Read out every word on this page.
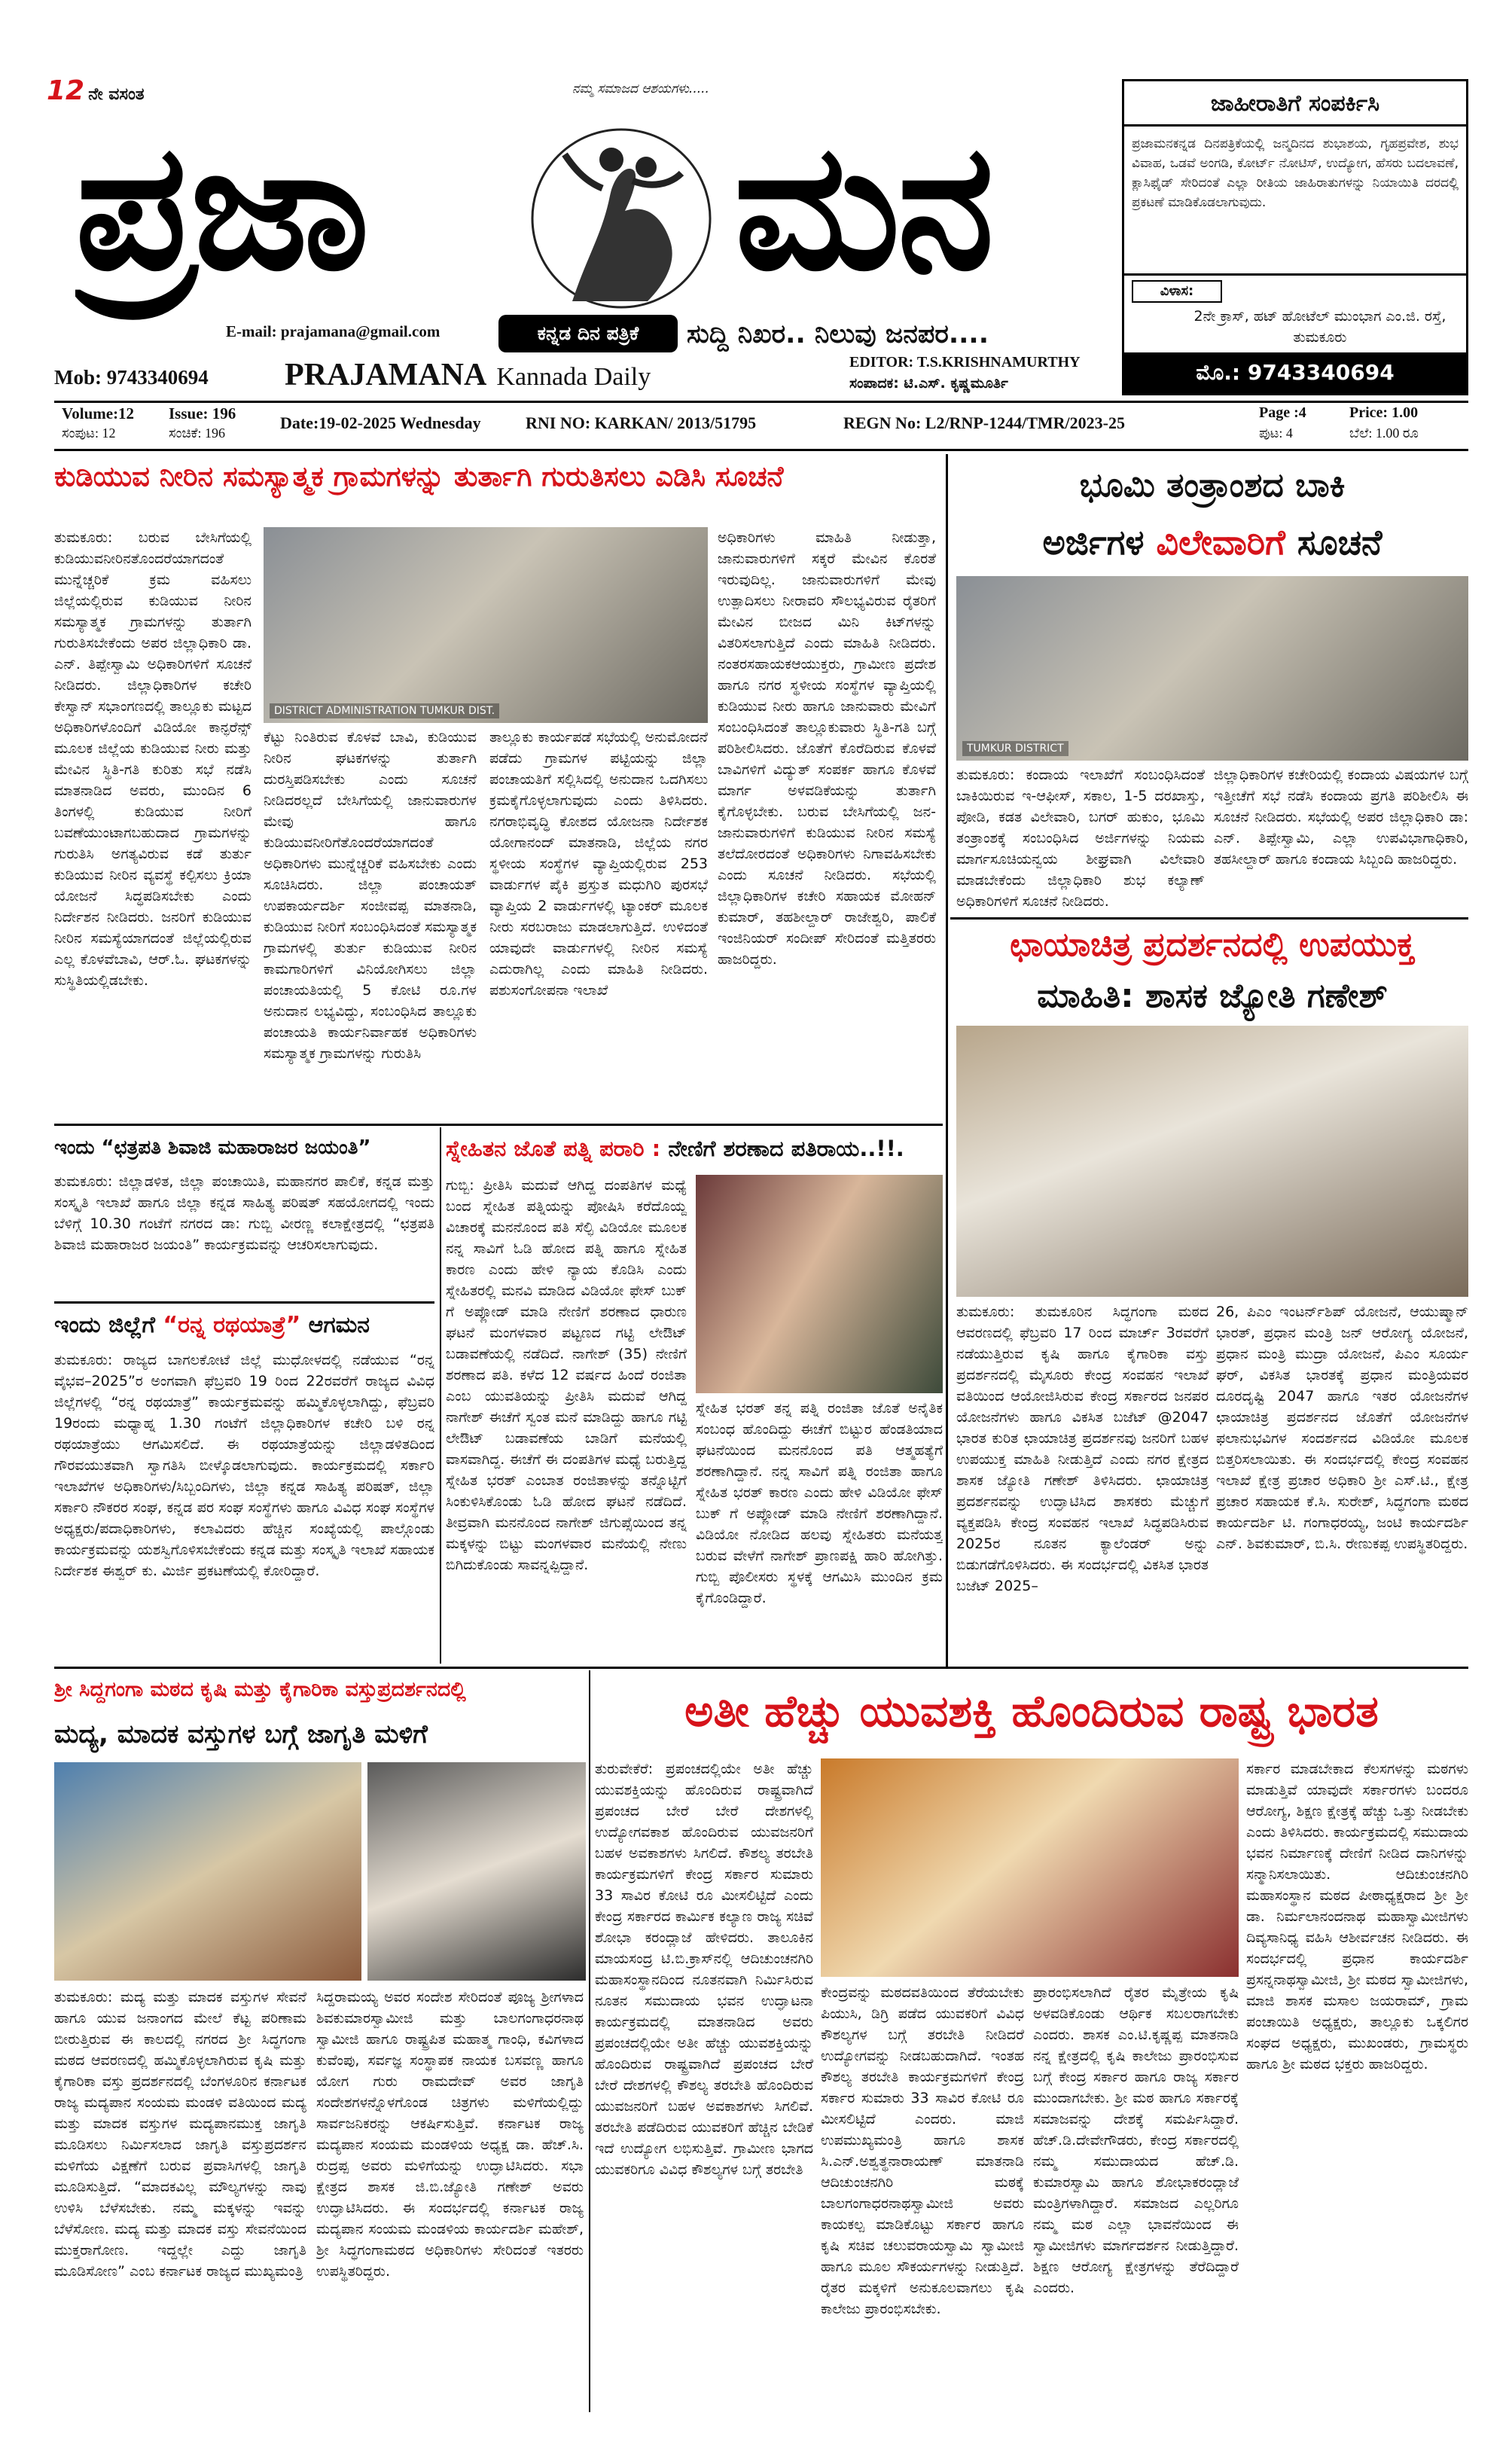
12 ನೇ ವಸಂತ
ಪ್ರಜಾ
ನಮ್ಮ ಸಮಾಜದ ಆಶಯಗಳು.....
ಮನ
E-mail: prajamana@gmail.com	ಕನ್ನಡ ದಿನ ಪತ್ರಿಕೆ	ಸುದ್ದಿ ನಿಖರ.. ನಿಲುವು ಜನಪರ....
Mob: 9743340694	PRAJAMANA Kannada Daily
EDITOR: T.S.KRISHNAMURTHY
ಸಂಪಾದಕ: ಟಿ.ಎಸ್. ಕೃಷ್ಣಮೂರ್ತಿ
ಜಾಹೀರಾತಿಗೆ ಸಂಪರ್ಕಿಸಿ
ಪ್ರಜಾಮನಕನ್ನಡ ದಿನಪತ್ರಿಕೆಯಲ್ಲಿ ಜನ್ಮದಿನದ ಶುಭಾಶಯ, ಗೃಹಪ್ರವೇಶ, ಶುಭ ವಿವಾಹ, ಒಡವೆ ಅಂಗಡಿ, ಕೋರ್ಟ್ ನೋಟಿಸ್, ಉದ್ಯೋಗ, ಹೆಸರು ಬದಲಾವಣೆ, ಕ್ಲಾಸಿಫೈಡ್ ಸೇರಿದಂತೆ ಎಲ್ಲಾ ರೀತಿಯ ಜಾಹಿರಾತುಗಳನ್ನು ನಿಯಾಯಿತಿ ದರದಲ್ಲಿ ಪ್ರಕಟಣೆ ಮಾಡಿಕೊಡಲಾಗುವುದು.
ವಿಳಾಸ:
2ನೇ ಕ್ರಾಸ್, ಹಟ್ ಹೋಟೆಲ್ ಮುಂಭಾಗ ಎಂ.ಜಿ. ರಸ್ತೆ, ತುಮಕೂರು
ಮೊ.: 9743340694
Volume:12	Issue: 196
ಸಂಪುಟ: 12	ಸಂಚಿಕೆ: 196
Date:19-02-2025 Wednesday	RNI NO: KARKAN/ 2013/51795	REGN No: L2/RNP-1244/TMR/2023-25
Page :4
ಪುಟ: 4
Price: 1.00
ಬೆಲೆ: 1.00 ರೂ
ಕುಡಿಯುವ ನೀರಿನ ಸಮಸ್ಯಾತ್ಮಕ ಗ್ರಾಮಗಳನ್ನು ತುರ್ತಾಗಿ ಗುರುತಿಸಲು ಎಡಿಸಿ ಸೂಚನೆ
ತುಮಕೂರು: ಬರುವ ಬೇಸಿಗೆಯಲ್ಲಿ ಕುಡಿಯುವನೀರಿನತೊಂದರೆಯಾಗದಂತೆ ಮುನ್ನೆಚ್ಚರಿಕೆ ಕ್ರಮ ವಹಿಸಲು ಜಿಲ್ಲೆಯಲ್ಲಿರುವ ಕುಡಿಯುವ ನೀರಿನ ಸಮಸ್ಯಾತ್ಮಕ ಗ್ರಾಮಗಳನ್ನು ತುರ್ತಾಗಿ ಗುರುತಿಸಬೇಕೆಂದು ಅಪರ ಜಿಲ್ಲಾಧಿಕಾರಿ ಡಾ. ಎನ್. ತಿಪ್ಪೇಸ್ವಾಮಿ ಅಧಿಕಾರಿಗಳಿಗೆ ಸೂಚನೆ ನೀಡಿದರು. ಜಿಲ್ಲಾಧಿಕಾರಿಗಳ ಕಚೇರಿ ಕೇಸ್ವಾನ್ ಸಭಾಂಗಣದಲ್ಲಿ ತಾಲ್ಲೂಕು ಮಟ್ಟದ ಅಧಿಕಾರಿಗಳೊಂದಿಗೆ ವಿಡಿಯೋ ಕಾನ್ಫರೆನ್ಸ್ ಮೂಲಕ ಜಿಲ್ಲೆಯ ಕುಡಿಯುವ ನೀರು ಮತ್ತು ಮೇವಿನ ಸ್ಥಿತಿ-ಗತಿ ಕುರಿತು ಸಭೆ ನಡೆಸಿ ಮಾತನಾಡಿದ ಅವರು, ಮುಂದಿನ 6 ತಿಂಗಳಲ್ಲಿ ಕುಡಿಯುವ ನೀರಿಗೆ ಬವಣೆಯುಂಟಾಗಬಹುದಾದ ಗ್ರಾಮಗಳನ್ನು ಗುರುತಿಸಿ ಅಗತ್ಯವಿರುವ ಕಡೆ ತುರ್ತು ಕುಡಿಯುವ ನೀರಿನ ವ್ಯವಸ್ಥೆ ಕಲ್ಪಿಸಲು ಕ್ರಿಯಾ ಯೋಜನೆ ಸಿದ್ಧಪಡಿಸಬೇಕು ಎಂದು ನಿರ್ದೇಶನ ನೀಡಿದರು. ಜನರಿಗೆ ಕುಡಿಯುವ ನೀರಿನ ಸಮಸ್ಯೆಯಾಗದಂತೆ ಜಿಲ್ಲೆಯಲ್ಲಿರುವ ಎಲ್ಲ ಕೊಳವೆಬಾವಿ, ಆರ್.ಓ. ಘಟಕಗಳನ್ನು ಸುಸ್ಥಿತಿಯಲ್ಲಿಡಬೇಕು.
DISTRICT ADMINISTRATION TUMKUR DIST.
ಕೆಟ್ಟು ನಿಂತಿರುವ ಕೊಳವೆ ಬಾವಿ, ಕುಡಿಯುವ ನೀರಿನ ಘಟಕಗಳನ್ನು ತುರ್ತಾಗಿ ದುರಸ್ತಿಪಡಿಸಬೇಕು ಎಂದು ಸೂಚನೆ ನೀಡಿದರಲ್ಲದೆ ಬೇಸಿಗೆಯಲ್ಲಿ ಜಾನುವಾರುಗಳ ಮೇವು ಹಾಗೂ ಕುಡಿಯುವನೀರಿಗೆತೊಂದರೆಯಾಗದಂತೆ ಅಧಿಕಾರಿಗಳು ಮುನ್ನೆಚ್ಚರಿಕೆ ವಹಿಸಬೇಕು ಎಂದು ಸೂಚಿಸಿದರು. ಜಿಲ್ಲಾ ಪಂಚಾಯತ್ ಉಪಕಾರ್ಯದರ್ಶಿ ಸಂಜೀವಪ್ಪ ಮಾತನಾಡಿ, ಕುಡಿಯುವ ನೀರಿಗೆ ಸಂಬಂಧಿಸಿದಂತೆ ಸಮಸ್ಯಾತ್ಮಕ ಗ್ರಾಮಗಳಲ್ಲಿ ತುರ್ತು ಕುಡಿಯುವ ನೀರಿನ ಕಾಮಗಾರಿಗಳಿಗೆ ವಿನಿಯೋಗಿಸಲು ಜಿಲ್ಲಾ ಪಂಚಾಯತಿಯಲ್ಲಿ 5 ಕೋಟಿ ರೂ.ಗಳ ಅನುದಾನ ಲಭ್ಯವಿದ್ದು, ಸಂಬಂಧಿಸಿದ ತಾಲ್ಲೂಕು ಪಂಚಾಯತಿ ಕಾರ್ಯನಿರ್ವಾಹಕ ಅಧಿಕಾರಿಗಳು ಸಮಸ್ಯಾತ್ಮಕ ಗ್ರಾಮಗಳನ್ನು ಗುರುತಿಸಿ
ತಾಲ್ಲೂಕು ಕಾರ್ಯಪಡೆ ಸಭೆಯಲ್ಲಿ ಅನುಮೋದನೆ ಪಡೆದು ಗ್ರಾಮಗಳ ಪಟ್ಟಿಯನ್ನು ಜಿಲ್ಲಾ ಪಂಚಾಯತಿಗೆ ಸಲ್ಲಿಸಿದಲ್ಲಿ ಅನುದಾನ ಒದಗಿಸಲು ಕ್ರಮಕೈಗೊಳ್ಳಲಾಗುವುದು ಎಂದು ತಿಳಿಸಿದರು. ನಗರಾಭಿವೃದ್ಧಿ ಕೋಶದ ಯೋಜನಾ ನಿರ್ದೇಶಕ ಯೋಗಾನಂದ್ ಮಾತನಾಡಿ, ಜಿಲ್ಲೆಯ ನಗರ ಸ್ಥಳೀಯ ಸಂಸ್ಥೆಗಳ ವ್ಯಾಪ್ತಿಯಲ್ಲಿರುವ 253 ವಾರ್ಡುಗಳ ಪೈಕಿ ಪ್ರಸ್ತುತ ಮಧುಗಿರಿ ಪುರಸಭೆ ವ್ಯಾಪ್ತಿಯ 2 ವಾರ್ಡುಗಳಲ್ಲಿ ಟ್ಯಾಂಕರ್ ಮೂಲಕ ನೀರು ಸರಬರಾಜು ಮಾಡಲಾಗುತ್ತಿದೆ. ಉಳಿದಂತೆ ಯಾವುದೇ ವಾರ್ಡುಗಳಲ್ಲಿ ನೀರಿನ ಸಮಸ್ಯೆ ಎದುರಾಗಿಲ್ಲ ಎಂದು ಮಾಹಿತಿ ನೀಡಿದರು. ಪಶುಸಂಗೋಪನಾ ಇಲಾಖೆ
ಅಧಿಕಾರಿಗಳು ಮಾಹಿತಿ ನೀಡುತ್ತಾ, ಜಾನುವಾರುಗಳಿಗೆ ಸಕ್ಕರೆ ಮೇವಿನ ಕೊರತೆ ಇರುವುದಿಲ್ಲ. ಜಾನುವಾರುಗಳಿಗೆ ಮೇವು ಉತ್ಪಾದಿಸಲು ನೀರಾವರಿ ಸೌಲಭ್ಯವಿರುವ ರೈತರಿಗೆ ಮೇವಿನ ಬೀಜದ ಮಿನಿ ಕಿಟ್‌ಗಳನ್ನು ವಿತರಿಸಲಾಗುತ್ತಿದೆ ಎಂದು ಮಾಹಿತಿ ನೀಡಿದರು. ನಂತರಸಹಾಯಕಆಯುಕ್ತರು, ಗ್ರಾಮೀಣ ಪ್ರದೇಶ ಹಾಗೂ ನಗರ ಸ್ಥಳೀಯ ಸಂಸ್ಥೆಗಳ ವ್ಯಾಪ್ತಿಯಲ್ಲಿ ಕುಡಿಯುವ ನೀರು ಹಾಗೂ ಜಾನುವಾರು ಮೇವಿಗೆ ಸಂಬಂಧಿಸಿದಂತೆ ತಾಲ್ಲೂಕುವಾರು ಸ್ಥಿತಿ-ಗತಿ ಬಗ್ಗೆ ಪರಿಶೀಲಿಸಿದರು. ಜೊತೆಗೆ ಕೊರೆದಿರುವ ಕೊಳವೆ ಬಾವಿಗಳಿಗೆ ವಿದ್ಯುತ್ ಸಂಪರ್ಕ ಹಾಗೂ ಕೊಳವೆ ಮಾರ್ಗ ಅಳವಡಿಕೆಯನ್ನು ತುರ್ತಾಗಿ ಕೈಗೊಳ್ಳಬೇಕು. ಬರುವ ಬೇಸಿಗೆಯಲ್ಲಿ ಜನ-ಜಾನುವಾರುಗಳಿಗೆ ಕುಡಿಯುವ ನೀರಿನ ಸಮಸ್ಯೆ ತಲೆದೋರದಂತೆ ಅಧಿಕಾರಿಗಳು ನಿಗಾವಹಿಸಬೇಕು ಎಂದು ಸೂಚನೆ ನೀಡಿದರು. ಸಭೆಯಲ್ಲಿ ಜಿಲ್ಲಾಧಿಕಾರಿಗಳ ಕಚೇರಿ ಸಹಾಯಕ ಮೋಹನ್ ಕುಮಾರ್, ತಹಶೀಲ್ದಾರ್ ರಾಜೇಶ್ವರಿ, ಪಾಲಿಕೆ ಇಂಜಿನಿಯರ್ ಸಂದೀಪ್ ಸೇರಿದಂತೆ ಮತ್ತಿತರರು ಹಾಜರಿದ್ದರು.
ಭೂಮಿ ತಂತ್ರಾಂಶದ ಬಾಕಿ
ಅರ್ಜಿಗಳ ವಿಲೇವಾರಿಗೆ ಸೂಚನೆ
TUMKUR DISTRICT
ತುಮಕೂರು: ಕಂದಾಯ ಇಲಾಖೆಗೆ ಸಂಬಂಧಿಸಿದಂತೆ ಬಾಕಿಯಿರುವ ಇ-ಆಫೀಸ್, ಸಕಾಲ, 1-5 ದರಖಾಸ್ತು, ಪೋಡಿ, ಕಡತ ವಿಲೇವಾರಿ, ಬಗರ್ ಹುಕುಂ, ಭೂಮಿ ತಂತ್ರಾಂಶಕ್ಕೆ ಸಂಬಂಧಿಸಿದ ಅರ್ಜಿಗಳನ್ನು ನಿಯಮ ಮಾರ್ಗಸೂಚಿಯನ್ವಯ ಶೀಘ್ರವಾಗಿ ವಿಲೇವಾರಿ ಮಾಡಬೇಕೆಂದು ಜಿಲ್ಲಾಧಿಕಾರಿ ಶುಭ ಕಲ್ಯಾಣ್ ಅಧಿಕಾರಿಗಳಿಗೆ ಸೂಚನೆ ನೀಡಿದರು.
ಜಿಲ್ಲಾಧಿಕಾರಿಗಳ ಕಚೇರಿಯಲ್ಲಿ ಕಂದಾಯ ವಿಷಯಗಳ ಬಗ್ಗೆ ಇತ್ತೀಚೆಗೆ ಸಭೆ ನಡೆಸಿ ಕಂದಾಯ ಪ್ರಗತಿ ಪರಿಶೀಲಿಸಿ ಈ ಸೂಚನೆ ನೀಡಿದರು. ಸಭೆಯಲ್ಲಿ ಅಪರ ಜಿಲ್ಲಾಧಿಕಾರಿ ಡಾ: ಎನ್. ತಿಪ್ಪೇಸ್ವಾಮಿ, ಎಲ್ಲಾ ಉಪವಿಭಾಗಾಧಿಕಾರಿ, ತಹಸೀಲ್ದಾರ್ ಹಾಗೂ ಕಂದಾಯ ಸಿಬ್ಬಂದಿ ಹಾಜರಿದ್ದರು.
ಛಾಯಾಚಿತ್ರ ಪ್ರದರ್ಶನದಲ್ಲಿ ಉಪಯುಕ್ತ
ಮಾಹಿತಿ: ಶಾಸಕ ಜ್ಯೋತಿ ಗಣೇಶ್
ತುಮಕೂರು: ತುಮಕೂರಿನ ಸಿದ್ಧಗಂಗಾ ಮಠದ ಆವರಣದಲ್ಲಿ ಫೆಬ್ರವರಿ 17 ರಿಂದ ಮಾರ್ಚ್ 3ರವರೆಗೆ ನಡೆಯುತ್ತಿರುವ ಕೃಷಿ ಹಾಗೂ ಕೈಗಾರಿಕಾ ವಸ್ತು ಪ್ರದರ್ಶನದಲ್ಲಿ ಮೈಸೂರು ಕೇಂದ್ರ ಸಂವಹನ ಇಲಾಖೆ ವತಿಯಿಂದ ಆಯೋಜಿಸಿರುವ ಕೇಂದ್ರ ಸರ್ಕಾರದ ಜನಪರ ಯೋಜನೆಗಳು ಹಾಗೂ ವಿಕಸಿತ ಬಜೆಟ್ @2047 ಭಾರತ ಕುರಿತ ಛಾಯಾಚಿತ್ರ ಪ್ರದರ್ಶನವು ಜನರಿಗೆ ಬಹಳ ಉಪಯುಕ್ತ ಮಾಹಿತಿ ನೀಡುತ್ತಿದೆ ಎಂದು ನಗರ ಕ್ಷೇತ್ರದ ಶಾಸಕ ಜ್ಯೋತಿ ಗಣೇಶ್ ತಿಳಿಸಿದರು. ಛಾಯಾಚಿತ್ರ ಪ್ರದರ್ಶನವನ್ನು ಉದ್ಘಾಟಿಸಿದ ಶಾಸಕರು ಮೆಚ್ಚುಗೆ ವ್ಯಕ್ತಪಡಿಸಿ ಕೇಂದ್ರ ಸಂವಹನ ಇಲಾಖೆ ಸಿದ್ಧಪಡಿಸಿರುವ 2025ರ ನೂತನ ಕ್ಯಾಲೆಂಡರ್ ಅನ್ನು ಬಿಡುಗಡೆಗೊಳಿಸಿದರು. ಈ ಸಂದರ್ಭದಲ್ಲಿ ವಿಕಸಿತ ಭಾರತ ಬಜೆಟ್ 2025–
26, ಪಿಎಂ ಇಂಟರ್ನ್‌ಶಿಪ್ ಯೋಜನೆ, ಆಯುಷ್ಮಾನ್ ಭಾರತ್, ಪ್ರಧಾನ ಮಂತ್ರಿ ಜನ್ ಆರೋಗ್ಯ ಯೋಜನೆ, ಪ್ರಧಾನ ಮಂತ್ರಿ ಮುದ್ರಾ ಯೋಜನೆ, ಪಿಎಂ ಸೂರ್ಯ ಘರ್, ವಿಕಸಿತ ಭಾರತಕ್ಕೆ ಪ್ರಧಾನ ಮಂತ್ರಿಯವರ ದೂರದೃಷ್ಟಿ 2047 ಹಾಗೂ ಇತರ ಯೋಜನೆಗಳ ಛಾಯಾಚಿತ್ರ ಪ್ರದರ್ಶನದ ಜೊತೆಗೆ ಯೋಜನೆಗಳ ಫಲಾನುಭವಿಗಳ ಸಂದರ್ಶನದ ವಿಡಿಯೋ ಮೂಲಕ ಬಿತ್ತರಿಸಲಾಯಿತು. ಈ ಸಂದರ್ಭದಲ್ಲಿ ಕೇಂದ್ರ ಸಂವಹನ ಇಲಾಖೆ ಕ್ಷೇತ್ರ ಪ್ರಚಾರ ಅಧಿಕಾರಿ ಶ್ರೀ ಎಸ್.ಟಿ., ಕ್ಷೇತ್ರ ಪ್ರಚಾರ ಸಹಾಯಕ ಕೆ.ಸಿ. ಸುರೇಶ್, ಸಿದ್ಧಗಂಗಾ ಮಠದ ಕಾರ್ಯದರ್ಶಿ ಟಿ. ಗಂಗಾಧರಯ್ಯ, ಜಂಟಿ ಕಾರ್ಯದರ್ಶಿ ಎನ್. ಶಿವಕುಮಾರ್, ಬಿ.ಸಿ. ರೇಣುಕಪ್ಪ ಉಪಸ್ಥಿತರಿದ್ದರು.
ಇಂದು “ಛತ್ರಪತಿ ಶಿವಾಜಿ ಮಹಾರಾಜರ ಜಯಂತಿ”
ತುಮಕೂರು: ಜಿಲ್ಲಾಡಳಿತ, ಜಿಲ್ಲಾ ಪಂಚಾಯಿತಿ, ಮಹಾನಗರ ಪಾಲಿಕೆ, ಕನ್ನಡ ಮತ್ತು ಸಂಸ್ಕೃತಿ ಇಲಾಖೆ ಹಾಗೂ ಜಿಲ್ಲಾ ಕನ್ನಡ ಸಾಹಿತ್ಯ ಪರಿಷತ್ ಸಹಯೋಗದಲ್ಲಿ ಇಂದು ಬೆಳಿಗ್ಗೆ 10.30 ಗಂಟೆಗೆ ನಗರದ ಡಾ: ಗುಬ್ಬಿ ವೀರಣ್ಣ ಕಲಾಕ್ಷೇತ್ರದಲ್ಲಿ “ಛತ್ರಪತಿ ಶಿವಾಜಿ ಮಹಾರಾಜರ ಜಯಂತಿ” ಕಾರ್ಯಕ್ರಮವನ್ನು ಆಚರಿಸಲಾಗುವುದು.
ಇಂದು ಜಿಲ್ಲೆಗೆ “ರನ್ನ ರಥಯಾತ್ರೆ” ಆಗಮನ
ತುಮಕೂರು: ರಾಜ್ಯದ ಬಾಗಲಕೋಟೆ ಜಿಲ್ಲೆ ಮುಧೋಳದಲ್ಲಿ ನಡೆಯುವ “ರನ್ನ ವೈಭವ–2025”ರ ಅಂಗವಾಗಿ ಫೆಬ್ರವರಿ 19 ರಿಂದ 22ರವರೆಗೆ ರಾಜ್ಯದ ವಿವಿಧ ಜಿಲ್ಲೆಗಳಲ್ಲಿ “ರನ್ನ ರಥಯಾತ್ರೆ” ಕಾರ್ಯಕ್ರಮವನ್ನು ಹಮ್ಮಿಕೊಳ್ಳಲಾಗಿದ್ದು, ಫೆಬ್ರವರಿ 19ರಂದು ಮಧ್ಯಾಹ್ನ 1.30 ಗಂಟೆಗೆ ಜಿಲ್ಲಾಧಿಕಾರಿಗಳ ಕಚೇರಿ ಬಳಿ ರನ್ನ ರಥಯಾತ್ರೆಯು ಆಗಮಿಸಲಿದೆ. ಈ ರಥಯಾತ್ರೆಯನ್ನು ಜಿಲ್ಲಾಡಳಿತದಿಂದ ಗೌರವಯುತವಾಗಿ ಸ್ವಾಗತಿಸಿ ಬೀಳ್ಕೊಡಲಾಗುವುದು. ಕಾರ್ಯಕ್ರಮದಲ್ಲಿ ಸರ್ಕಾರಿ ಇಲಾಖೆಗಳ ಅಧಿಕಾರಿಗಳು/ಸಿಬ್ಬಂದಿಗಳು, ಜಿಲ್ಲಾ ಕನ್ನಡ ಸಾಹಿತ್ಯ ಪರಿಷತ್, ಜಿಲ್ಲಾ ಸರ್ಕಾರಿ ನೌಕರರ ಸಂಘ, ಕನ್ನಡ ಪರ ಸಂಘ ಸಂಸ್ಥೆಗಳು ಹಾಗೂ ವಿವಿಧ ಸಂಘ ಸಂಸ್ಥೆಗಳ ಅಧ್ಯಕ್ಷರು/ಪದಾಧಿಕಾರಿಗಳು, ಕಲಾವಿದರು ಹೆಚ್ಚಿನ ಸಂಖ್ಯೆಯಲ್ಲಿ ಪಾಲ್ಗೊಂಡು ಕಾರ್ಯಕ್ರಮವನ್ನು ಯಶಸ್ವಿಗೊಳಿಸಬೇಕೆಂದು ಕನ್ನಡ ಮತ್ತು ಸಂಸ್ಕೃತಿ ಇಲಾಖೆ ಸಹಾಯಕ ನಿರ್ದೇಶಕ ಈಶ್ವರ್ ಕು. ಮಿರ್ಜಿ ಪ್ರಕಟಣೆಯಲ್ಲಿ ಕೋರಿದ್ದಾರೆ.
ಸ್ನೇಹಿತನ ಜೊತೆ ಪತ್ನಿ ಪರಾರಿ : ನೇಣಿಗೆ ಶರಣಾದ ಪತಿರಾಯ..!!.
ಗುಬ್ಬಿ: ಪ್ರೀತಿಸಿ ಮದುವೆ ಆಗಿದ್ದ ದಂಪತಿಗಳ ಮಧ್ಯೆ ಬಂದ ಸ್ನೇಹಿತ ಪತ್ನಿಯನ್ನು ಪೋಷಿಸಿ ಕರೆದೊಯ್ದ ವಿಚಾರಕ್ಕೆ ಮನನೊಂದ ಪತಿ ಸೆಲ್ಫಿ ವಿಡಿಯೋ ಮೂಲಕ ನನ್ನ ಸಾವಿಗೆ ಓಡಿ ಹೋದ ಪತ್ನಿ ಹಾಗೂ ಸ್ನೇಹಿತ ಕಾರಣ ಎಂದು ಹೇಳಿ ನ್ಯಾಯ ಕೊಡಿಸಿ ಎಂದು ಸ್ನೇಹಿತರಲ್ಲಿ ಮನವಿ ಮಾಡಿದ ವಿಡಿಯೋ ಫೇಸ್ ಬುಕ್ ಗೆ ಅಪ್ಲೋಡ್ ಮಾಡಿ ನೇಣಿಗೆ ಶರಣಾದ ಧಾರುಣ ಘಟನೆ ಮಂಗಳವಾರ ಪಟ್ಟಣದ ಗಟ್ಟಿ ಲೇಔಟ್ ಬಡಾವಣೆಯಲ್ಲಿ ನಡೆದಿದೆ. ನಾಗೇಶ್ (35) ನೇಣಿಗೆ ಶರಣಾದ ಪತಿ. ಕಳೆದ 12 ವರ್ಷದ ಹಿಂದೆ ರಂಜಿತಾ ಎಂಬ ಯುವತಿಯನ್ನು ಪ್ರೀತಿಸಿ ಮದುವೆ ಆಗಿದ್ದ ನಾಗೇಶ್ ಈಚೆಗೆ ಸ್ವಂತ ಮನೆ ಮಾಡಿದ್ದು ಹಾಗೂ ಗಟ್ಟಿ ಲೇಔಟ್ ಬಡಾವಣೆಯ ಬಾಡಿಗೆ ಮನೆಯಲ್ಲಿ ವಾಸವಾಗಿದ್ದ. ಈಚೆಗೆ ಈ ದಂಪತಿಗಳ ಮಧ್ಯೆ ಬರುತ್ತಿದ್ದ ಸ್ನೇಹಿತ ಭರತ್ ಎಂಬಾತ ರಂಜಿತಾಳನ್ನು ತನ್ನೊಟ್ಟಿಗೆ ಸಿಂಕುಳಿಸಿಕೊಂಡು ಓಡಿ ಹೋದ ಘಟನೆ ನಡೆದಿದೆ. ತೀವ್ರವಾಗಿ ಮನನೊಂದ ನಾಗೇಶ್ ಜಿಗುಪ್ಸೆಯಿಂದ ತನ್ನ ಮಕ್ಕಳನ್ನು ಬಿಟ್ಟು ಮಂಗಳವಾರ ಮನೆಯಲ್ಲಿ ನೇಣು ಬಿಗಿದುಕೊಂಡು ಸಾವನ್ನಪ್ಪಿದ್ದಾನೆ.
ಸ್ನೇಹಿತ ಭರತ್ ತನ್ನ ಪತ್ನಿ ರಂಜಿತಾ ಜೊತೆ ಅನೈತಿಕ ಸಂಬಂಧ ಹೊಂದಿದ್ದು ಈಚೆಗೆ ಬಿಟ್ಟುರ ಹೆಂಡತಿಯಾದ ಘಟನೆಯಿಂದ ಮನನೊಂದ ಪತಿ ಆತ್ಮಹತ್ಯೆಗೆ ಶರಣಾಗಿದ್ದಾನೆ. ನನ್ನ ಸಾವಿಗೆ ಪತ್ನಿ ರಂಜಿತಾ ಹಾಗೂ ಸ್ನೇಹಿತ ಭರತ್ ಕಾರಣ ಎಂದು ಹೇಳಿ ವಿಡಿಯೋ ಫೇಸ್ ಬುಕ್ ಗೆ ಅಪ್ಲೋಡ್ ಮಾಡಿ ನೇಣಿಗೆ ಶರಣಾಗಿದ್ದಾನೆ. ವಿಡಿಯೋ ನೋಡಿದ ಹಲವು ಸ್ನೇಹಿತರು ಮನೆಯತ್ತ ಬರುವ ವೇಳೆಗೆ ನಾಗೇಶ್ ಪ್ರಾಣಪಕ್ಷಿ ಹಾರಿ ಹೋಗಿತ್ತು. ಗುಬ್ಬಿ ಪೊಲೀಸರು ಸ್ಥಳಕ್ಕೆ ಆಗಮಿಸಿ ಮುಂದಿನ ಕ್ರಮ ಕೈಗೊಂಡಿದ್ದಾರೆ.
ಶ್ರೀ ಸಿದ್ದಗಂಗಾ ಮಠದ ಕೃಷಿ ಮತ್ತು ಕೈಗಾರಿಕಾ ವಸ್ತುಪ್ರದರ್ಶನದಲ್ಲಿ
ಮದ್ಯ, ಮಾದಕ ವಸ್ತುಗಳ ಬಗ್ಗೆ ಜಾಗೃತಿ ಮಳಿಗೆ
ತುಮಕೂರು: ಮದ್ಯ ಮತ್ತು ಮಾದಕ ವಸ್ತುಗಳ ಸೇವನೆ ಹಾಗೂ ಯುವ ಜನಾಂಗದ ಮೇಲೆ ಕೆಟ್ಟ ಪರಿಣಾಮ ಬೀರುತ್ತಿರುವ ಈ ಕಾಲದಲ್ಲಿ ನಗರದ ಶ್ರೀ ಸಿದ್ಧಗಂಗಾ ಮಠದ ಆವರಣದಲ್ಲಿ ಹಮ್ಮಿಕೊಳ್ಳಲಾಗಿರುವ ಕೃಷಿ ಮತ್ತು ಕೈಗಾರಿಕಾ ವಸ್ತು ಪ್ರದರ್ಶನದಲ್ಲಿ ಬೆಂಗಳೂರಿನ ಕರ್ನಾಟಕ ರಾಜ್ಯ ಮದ್ಯಪಾನ ಸಂಯಮ ಮಂಡಳಿ ವತಿಯಿಂದ ಮದ್ಯ ಮತ್ತು ಮಾದಕ ವಸ್ತುಗಳ ಮದ್ಯಪಾನಮುಕ್ತ ಜಾಗೃತಿ ಮೂಡಿಸಲು ನಿರ್ಮಿಸಲಾದ ಜಾಗೃತಿ ವಸ್ತುಪ್ರದರ್ಶನ ಮಳಿಗೆಯ ವಿಕ್ಷಣೆಗೆ ಬರುವ ಪ್ರವಾಸಿಗಳಲ್ಲಿ ಜಾಗೃತಿ ಮೂಡಿಸುತ್ತಿದೆ. “ಮಾದಕವಿಲ್ಲ ಮೌಲ್ಯಗಳನ್ನು ನಾವು ಉಳಿಸಿ ಬೆಳೆಸಬೇಕು. ನಮ್ಮ ಮಕ್ಕಳನ್ನು ಇವನ್ನು ಬೆಳೆಸೋಣ. ಮದ್ಯ ಮತ್ತು ಮಾದಕ ವಸ್ತು ಸೇವನೆಯಿಂದ ಮುಕ್ತರಾಗೋಣ. ಇದ್ದಲ್ಲೇ ಎದ್ದು ಜಾಗೃತಿ ಮೂಡಿಸೋಣ” ಎಂಬ ಕರ್ನಾಟಕ ರಾಜ್ಯದ ಮುಖ್ಯಮಂತ್ರಿ
ಸಿದ್ದರಾಮಯ್ಯ ಅವರ ಸಂದೇಶ ಸೇರಿದಂತೆ ಪೂಜ್ಯ ಶ್ರೀಗಳಾದ ಶಿವಕುಮಾರಸ್ವಾಮೀಜಿ ಮತ್ತು ಬಾಲಗಂಗಾಧರನಾಥ ಸ್ವಾಮೀಜಿ ಹಾಗೂ ರಾಷ್ಟ್ರಪಿತ ಮಹಾತ್ಮ ಗಾಂಧಿ, ಕವಿಗಳಾದ ಕುವೆಂಪು, ಸರ್ವಜ್ಞ ಸಂಸ್ಥಾಪಕ ನಾಯಕ ಬಸವಣ್ಣ ಹಾಗೂ ಯೋಗ ಗುರು ರಾಮದೇವ್ ಅವರ ಜಾಗೃತಿ ಸಂದೇಶಗಳನ್ನೊಳಗೊಂಡ ಚಿತ್ರಗಳು ಮಳಿಗೆಯಲ್ಲಿದ್ದು ಸಾರ್ವಜನಿಕರನ್ನು ಆಕರ್ಷಿಸುತ್ತಿವೆ. ಕರ್ನಾಟಕ ರಾಜ್ಯ ಮದ್ಯಪಾನ ಸಂಯಮ ಮಂಡಳಿಯ ಅಧ್ಯಕ್ಷ ಡಾ. ಹೆಚ್.ಸಿ. ರುದ್ರಪ್ಪ ಅವರು ಮಳಿಗೆಯನ್ನು ಉದ್ಘಾಟಿಸಿದರು. ಸಭಾ ಕ್ಷೇತ್ರದ ಶಾಸಕ ಜಿ.ಬಿ.ಜ್ಯೋತಿ ಗಣೇಶ್ ಅವರು ಉದ್ಘಾಟಿಸಿದರು. ಈ ಸಂದರ್ಭದಲ್ಲಿ ಕರ್ನಾಟಕ ರಾಜ್ಯ ಮದ್ಯಪಾನ ಸಂಯಮ ಮಂಡಳಿಯ ಕಾರ್ಯದರ್ಶಿ ಮಹೇಶ್, ಶ್ರೀ ಸಿದ್ಧಗಂಗಾಮಠದ ಅಧಿಕಾರಿಗಳು ಸೇರಿದಂತೆ ಇತರರು ಉಪಸ್ಥಿತರಿದ್ದರು.
ಅತೀ ಹೆಚ್ಚು ಯುವಶಕ್ತಿ ಹೊಂದಿರುವ ರಾಷ್ಟ್ರ ಭಾರತ
ತುರುವೇಕೆರೆ: ಪ್ರಪಂಚದಲ್ಲಿಯೇ ಅತೀ ಹೆಚ್ಚು ಯುವಶಕ್ತಿಯನ್ನು ಹೊಂದಿರುವ ರಾಷ್ಟ್ರವಾಗಿದೆ ಪ್ರಪಂಚದ ಬೇರೆ ಬೇರೆ ದೇಶಗಳಲ್ಲಿ ಉದ್ಯೋಗವಕಾಶ ಹೊಂದಿರುವ ಯುವಜನರಿಗೆ ಬಹಳ ಅವಕಾಶಗಳು ಸಿಗಲಿದೆ. ಕೌಶಲ್ಯ ತರಬೇತಿ ಕಾರ್ಯಕ್ರಮಗಳಿಗೆ ಕೇಂದ್ರ ಸರ್ಕಾರ ಸುಮಾರು 33 ಸಾವಿರ ಕೋಟಿ ರೂ ಮೀಸಲಿಟ್ಟಿದೆ ಎಂದು ಕೇಂದ್ರ ಸರ್ಕಾರದ ಕಾರ್ಮಿಕ ಕಲ್ಯಾಣ ರಾಜ್ಯ ಸಚಿವೆ ಶೋಭಾ ಕರಂದ್ಲಾಜೆ ಹೇಳಿದರು. ತಾಲೂಕಿನ ಮಾಯಸಂದ್ರ ಟಿ.ಬಿ.ಕ್ರಾಸ್‌ನಲ್ಲಿ ಆದಿಚುಂಚನಗಿರಿ ಮಹಾಸಂಸ್ಥಾನದಿಂದ ನೂತನವಾಗಿ ನಿರ್ಮಿಸಿರುವ ನೂತನ ಸಮುದಾಯ ಭವನ ಉದ್ಘಾಟನಾ ಕಾರ್ಯಕ್ರಮದಲ್ಲಿ ಮಾತನಾಡಿದ ಅವರು ಪ್ರಪಂಚದಲ್ಲಿಯೇ ಅತೀ ಹೆಚ್ಚು ಯುವಶಕ್ತಿಯನ್ನು ಹೊಂದಿರುವ ರಾಷ್ಟ್ರವಾಗಿದೆ ಪ್ರಪಂಚದ ಬೇರೆ ಬೇರೆ ದೇಶಗಳಲ್ಲಿ ಕೌಶಲ್ಯ ತರಬೇತಿ ಹೊಂದಿರುವ ಯುವಜನರಿಗೆ ಬಹಳ ಅವಕಾಶಗಳು ಸಿಗಲಿವೆ. ತರಬೇತಿ ಪಡೆದಿರುವ ಯುವಕರಿಗೆ ಹೆಚ್ಚಿನ ಬೇಡಿಕೆ ಇದೆ ಉದ್ಯೋಗ ಲಭಿಸುತ್ತಿವೆ. ಗ್ರಾಮೀಣ ಭಾಗದ ಯುವಕರಿಗೂ ವಿವಿಧ ಕೌಶಲ್ಯಗಳ ಬಗ್ಗೆ ತರಬೇತಿ
ಕೇಂದ್ರವನ್ನು ಮಠದವತಿಯಿಂದ ತೆರೆಯಬೇಕು ಪಿಯುಸಿ, ಡಿಗ್ರಿ ಪಡೆದ ಯುವಕರಿಗೆ ವಿವಿಧ ಕೌಶಲ್ಯಗಳ ಬಗ್ಗೆ ತರಬೇತಿ ನೀಡಿದರೆ ಉದ್ಯೋಗವನ್ನು ನೀಡಬಹುದಾಗಿದೆ. ಇಂತಹ ಕೌಶಲ್ಯ ತರಬೇತಿ ಕಾರ್ಯಕ್ರಮಗಳಿಗೆ ಕೇಂದ್ರ ಸರ್ಕಾರ ಸುಮಾರು 33 ಸಾವಿರ ಕೋಟಿ ರೂ ಮೀಸಲಿಟ್ಟಿದೆ ಎಂದರು. ಮಾಜಿ ಉಪಮುಖ್ಯಮಂತ್ರಿ ಹಾಗೂ ಶಾಸಕ ಸಿ.ಎನ್.ಅಶ್ವತ್ಥನಾರಾಯಣ್ ಮಾತನಾಡಿ ಆದಿಚುಂಚನಗಿರಿ ಮಠಕ್ಕೆ ಬಾಲಗಂಗಾಧರನಾಥಸ್ವಾಮೀಜಿ ಅವರು ಕಾಯಕಲ್ಪ ಮಾಡಿಕೊಟ್ಟು ಸರ್ಕಾರ ಹಾಗೂ ಕೃಷಿ ಸಚಿವ ಚಲುವರಾಯಸ್ವಾಮಿ ಸ್ವಾಮೀಜಿ ಹಾಗೂ ಮೂಲ ಸೌಕರ್ಯಗಳನ್ನು ನೀಡುತ್ತಿದೆ. ರೈತರ ಮಕ್ಕಳಿಗೆ ಅನುಕೂಲವಾಗಲು ಕೃಷಿ ಕಾಲೇಜು ಪ್ರಾರಂಭಿಸಬೇಕು.
ಪ್ರಾರಂಭಿಸಲಾಗಿದೆ ರೈತರ ಮೈತ್ರೇಯ ಕೃಷಿ ಅಳವಡಿಕೊಂಡು ಆರ್ಥಿಕ ಸಬಲರಾಗಬೇಕು ಎಂದರು. ಶಾಸಕ ಎಂ.ಟಿ.ಕೃಷ್ಣಪ್ಪ ಮಾತನಾಡಿ ನನ್ನ ಕ್ಷೇತ್ರದಲ್ಲಿ ಕೃಷಿ ಕಾಲೇಜು ಪ್ರಾರಂಭಿಸುವ ಬಗ್ಗೆ ಕೇಂದ್ರ ಸರ್ಕಾರ ಹಾಗೂ ರಾಜ್ಯ ಸರ್ಕಾರ ಮುಂದಾಗಬೇಕು. ಶ್ರೀ ಮಠ ಹಾಗೂ ಸರ್ಕಾರಕ್ಕೆ ಸಮಾಜವನ್ನು ದೇಶಕ್ಕೆ ಸಮರ್ಪಿಸಿದ್ದಾರೆ. ಹೆಚ್.ಡಿ.ದೇವೇಗೌಡರು, ಕೇಂದ್ರ ಸರ್ಕಾರದಲ್ಲಿ ನಮ್ಮ ಸಮುದಾಯದ ಹೆಚ್.ಡಿ. ಕುಮಾರಸ್ವಾಮಿ ಹಾಗೂ ಶೋಭಾಕರಂದ್ಲಾಜೆ ಮಂತ್ರಿಗಳಾಗಿದ್ದಾರೆ. ಸಮಾಜದ ಎಲ್ಲರಿಗೂ ನಮ್ಮ ಮಠ ಎಲ್ಲಾ ಭಾವನೆಯಿಂದ ಈ ಸ್ವಾಮೀಜಿಗಳು ಮಾರ್ಗದರ್ಶನ ನೀಡುತ್ತಿದ್ದಾರೆ. ಶಿಕ್ಷಣ ಆರೋಗ್ಯ ಕ್ಷೇತ್ರಗಳನ್ನು ತೆರೆದಿದ್ದಾರೆ ಎಂದರು.
ಸರ್ಕಾರ ಮಾಡಬೇಕಾದ ಕೆಲಸಗಳನ್ನು ಮಠಗಳು ಮಾಡುತ್ತಿವೆ ಯಾವುದೇ ಸರ್ಕಾರಗಳು ಬಂದರೂ ಆರೋಗ್ಯ, ಶಿಕ್ಷಣ ಕ್ಷೇತ್ರಕ್ಕೆ ಹೆಚ್ಚು ಒತ್ತು ನೀಡಬೇಕು ಎಂದು ತಿಳಿಸಿದರು. ಕಾರ್ಯಕ್ರಮದಲ್ಲಿ ಸಮುದಾಯ ಭವನ ನಿರ್ಮಾಣಕ್ಕೆ ದೇಣಿಗೆ ನೀಡಿದ ದಾನಿಗಳನ್ನು ಸನ್ಮಾನಿಸಲಾಯಿತು. ಆದಿಚುಂಚನಗಿರಿ ಮಹಾಸಂಸ್ಥಾನ ಮಠದ ಪೀಠಾಧ್ಯಕ್ಷರಾದ ಶ್ರೀ ಶ್ರೀ ಡಾ. ನಿರ್ಮಲಾನಂದನಾಥ ಮಹಾಸ್ವಾಮೀಜಿಗಳು ದಿವ್ಯಸಾನಿಧ್ಯ ವಹಿಸಿ ಆಶೀರ್ವಚನ ನೀಡಿದರು. ಈ ಸಂದರ್ಭದಲ್ಲಿ ಪ್ರಧಾನ ಕಾರ್ಯದರ್ಶಿ ಪ್ರಸನ್ನನಾಥಸ್ವಾಮೀಜಿ, ಶ್ರೀ ಮಠದ ಸ್ವಾಮೀಜಿಗಳು, ಮಾಜಿ ಶಾಸಕ ಮಸಾಲ ಜಯರಾಮ್, ಗ್ರಾಮ ಪಂಚಾಯಿತಿ ಅಧ್ಯಕ್ಷರು, ತಾಲ್ಲೂಕು ಒಕ್ಕಲಿಗರ ಸಂಘದ ಅಧ್ಯಕ್ಷರು, ಮುಖಂಡರು, ಗ್ರಾಮಸ್ಥರು ಹಾಗೂ ಶ್ರೀ ಮಠದ ಭಕ್ತರು ಹಾಜರಿದ್ದರು.
